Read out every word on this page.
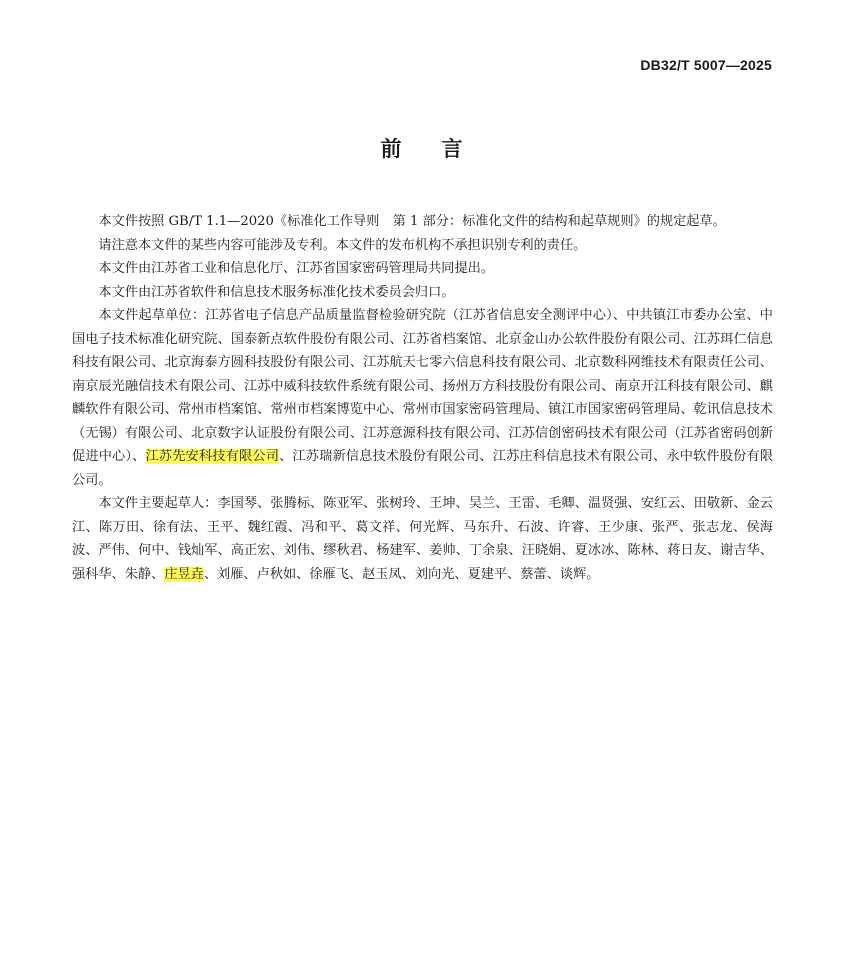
DB32/T 5007—2025
前言

本文件按照 GB/T 1.1—2020《标准化工作导则　第 1 部分：标准化文件的结构和起草规则》的规定起草。

请注意本文件的某些内容可能涉及专利。本文件的发布机构不承担识别专利的责任。

本文件由江苏省工业和信息化厅、江苏省国家密码管理局共同提出。

本文件由江苏省软件和信息技术服务标准化技术委员会归口。

本文件起草单位：江苏省电子信息产品质量监督检验研究院（江苏省信息安全测评中心）、中共镇江市委办公室、中国电子技术标准化研究院、国泰新点软件股份有限公司、江苏省档案馆、北京金山办公软件股份有限公司、江苏珥仁信息科技有限公司、北京海泰方圆科技股份有限公司、江苏航天七零六信息科技有限公司、北京数科网维技术有限责任公司、南京辰光融信技术有限公司、江苏中威科技软件系统有限公司、扬州万方科技股份有限公司、南京开江科技有限公司、麒麟软件有限公司、常州市档案馆、常州市档案博览中心、常州市国家密码管理局、镇江市国家密码管理局、乾讯信息技术（无锡）有限公司、北京数字认证股份有限公司、江苏意源科技有限公司、江苏信创密码技术有限公司（江苏省密码创新促进中心）、江苏先安科技有限公司、江苏瑞新信息技术股份有限公司、江苏庄科信息技术有限公司、永中软件股份有限公司。

本文件主要起草人：李国琴、张腾标、陈亚军、张树玲、王坤、吴兰、王雷、毛卿、温贤强、安红云、田敬新、金云江、陈万田、徐有法、王平、魏红霞、冯和平、葛文祥、何光辉、马东升、石波、许睿、王少康、张严、张志龙、侯海波、严伟、何中、钱灿军、高正宏、刘伟、缪秋君、杨建军、姜帅、丁余泉、汪晓娟、夏冰冰、陈林、蒋日友、谢吉华、强科华、朱静、庄昱垚、刘雁、卢秋如、徐雁飞、赵玉凤、刘向光、夏建平、蔡蕾、谈辉。
